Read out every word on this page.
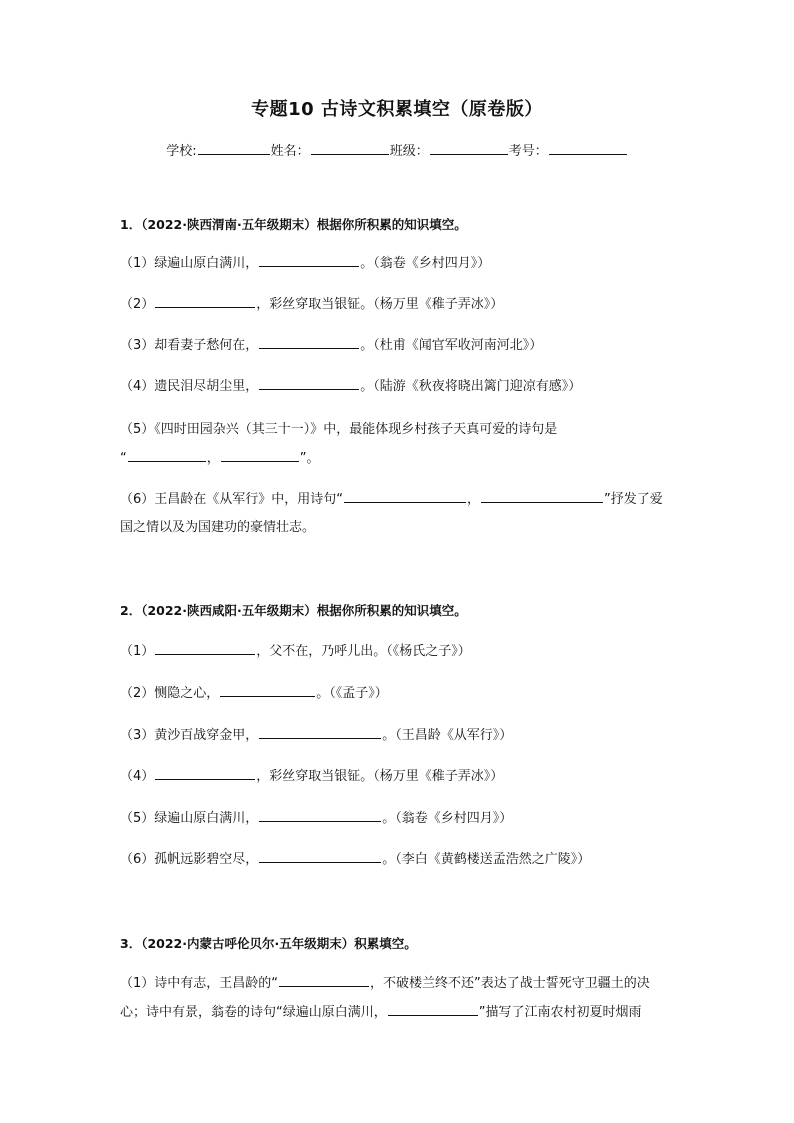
专题10 古诗文积累填空（原卷版）
学校:	姓名：	班级：	考号：
1．（2022·陕西渭南·五年级期末）根据你所积累的知识填空。
（1）绿遍山原白满川，	。（翁卷《乡村四月》）
（2）	，彩丝穿取当银钲。（杨万里《稚子弄冰》）
（3）却看妻子愁何在，	。（杜甫《闻官军收河南河北》）
（4）遗民泪尽胡尘里，	。（陆游《秋夜将晓出篱门迎凉有感》）
（5）《四时田园杂兴（其三十一）》中，最能体现乡村孩子天真可爱的诗句是
“	，	”。
（6）王昌龄在《从军行》中，用诗句“	，	”抒发了爱
国之情以及为国建功的豪情壮志。
2．（2022·陕西咸阳·五年级期末）根据你所积累的知识填空。
（1）	，父不在，乃呼儿出。（《杨氏之子》）
（2）恻隐之心，	。（《孟子》）
（3）黄沙百战穿金甲，	。（王昌龄《从军行》）
（4）	，彩丝穿取当银钲。（杨万里《稚子弄冰》）
（5）绿遍山原白满川，	。（翁卷《乡村四月》）
（6）孤帆远影碧空尽，	。（李白《黄鹤楼送孟浩然之广陵》）
3．（2022·内蒙古呼伦贝尔·五年级期末）积累填空。
（1）诗中有志，王昌龄的“	，不破楼兰终不还”表达了战士誓死守卫疆土的决
心；诗中有景，翁卷的诗句“绿遍山原白满川，	”描写了江南农村初夏时烟雨
